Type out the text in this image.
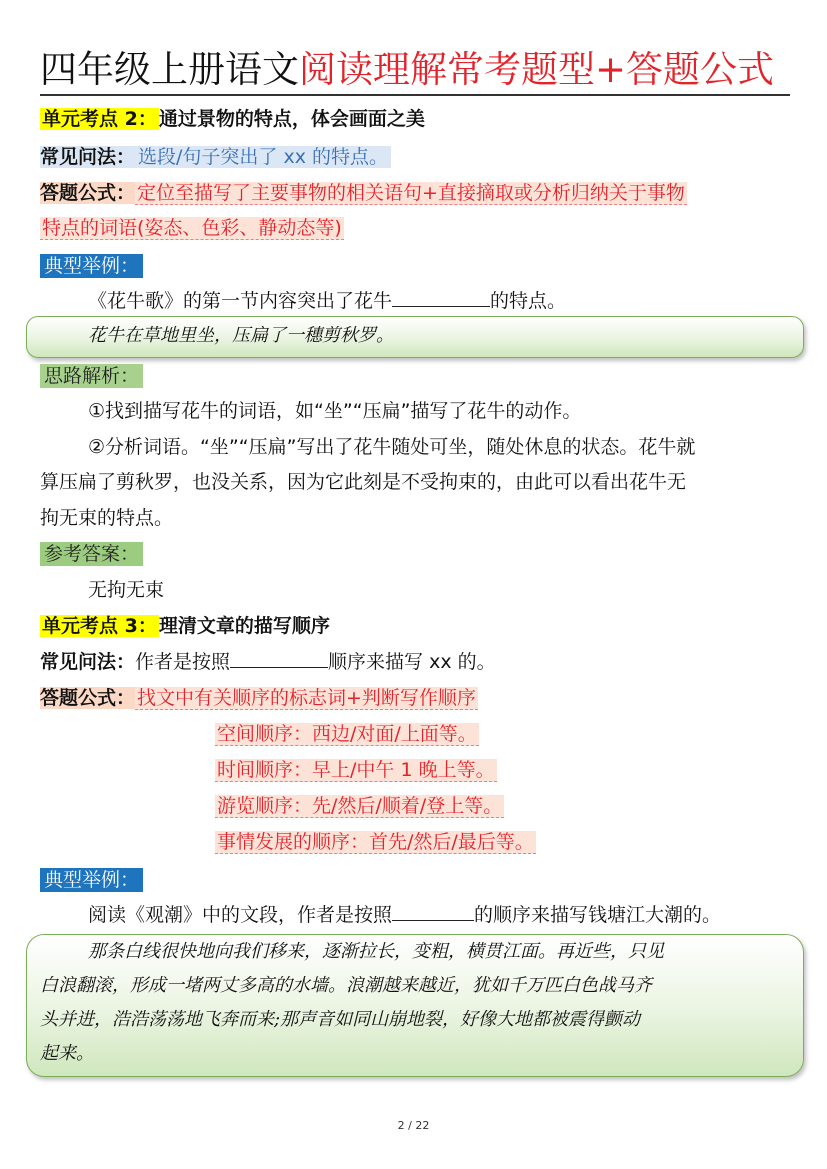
四年级上册语文阅读理解常考题型+答题公式
单元考点 2： 通过景物的特点，体会画面之美
常见问法： 选段/句子突出了 xx 的特点。
答题公式： 定位至描写了主要事物的相关语句+直接摘取或分析归纳关于事物
特点的词语(姿态、色彩、静动态等)
典型举例：
《花牛歌》的第一节内容突出了花牛	的特点。
花牛在草地里坐，压扁了一穗剪秋罗。
思路解析：
①找到描写花牛的词语，如“坐”“压扁”描写了花牛的动作。
②分析词语。“坐”“压扁”写出了花牛随处可坐，随处休息的状态。花牛就
算压扁了剪秋罗，也没关系，因为它此刻是不受拘束的，由此可以看出花牛无
拘无束的特点。
参考答案：
无拘无束
单元考点 3： 理清文章的描写顺序
常见问法：作者是按照	顺序来描写 xx 的。
答题公式： 找文中有关顺序的标志词+判断写作顺序
空间顺序：西边/对面/上面等。
时间顺序：早上/中午 1 晚上等。
游览顺序：先/然后/顺着/登上等。
事情发展的顺序：首先/然后/最后等。
典型举例：
阅读《观潮》中的文段，作者是按照	的顺序来描写钱塘江大潮的。
那条白线很快地向我们移来，逐渐拉长，变粗，横贯江面。再近些，只见
白浪翻滚，形成一堵两丈多高的水墙。浪潮越来越近，犹如千万匹白色战马齐
头并进，浩浩荡荡地飞奔而来;那声音如同山崩地裂，好像大地都被震得颤动
起来。
2 / 22
